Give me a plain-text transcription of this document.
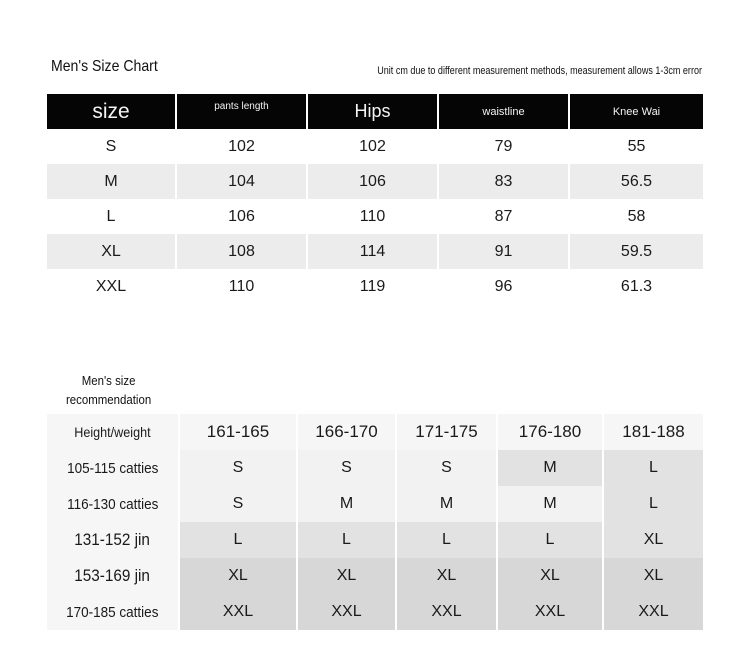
Men's Size Chart	Unit cm due to different measurement methods, measurement allows 1-3cm error
size	pants length	Hips	waistline	Knee Wai
S	102	102	79	55
M	104	106	83	56.5
L	106	110	87	58
XL	108	114	91	59.5
XXL	110	119	96	61.3
Men's size
recommendation
Height/weight	161-165	166-170	171-175	176-180	181-188
105-115 catties	S	S	S	M	L
116-130 catties	S	M	M	M	L
131-152 jin	L	L	L	L	XL
153-169 jin	XL	XL	XL	XL	XL
170-185 catties	XXL	XXL	XXL	XXL	XXL
